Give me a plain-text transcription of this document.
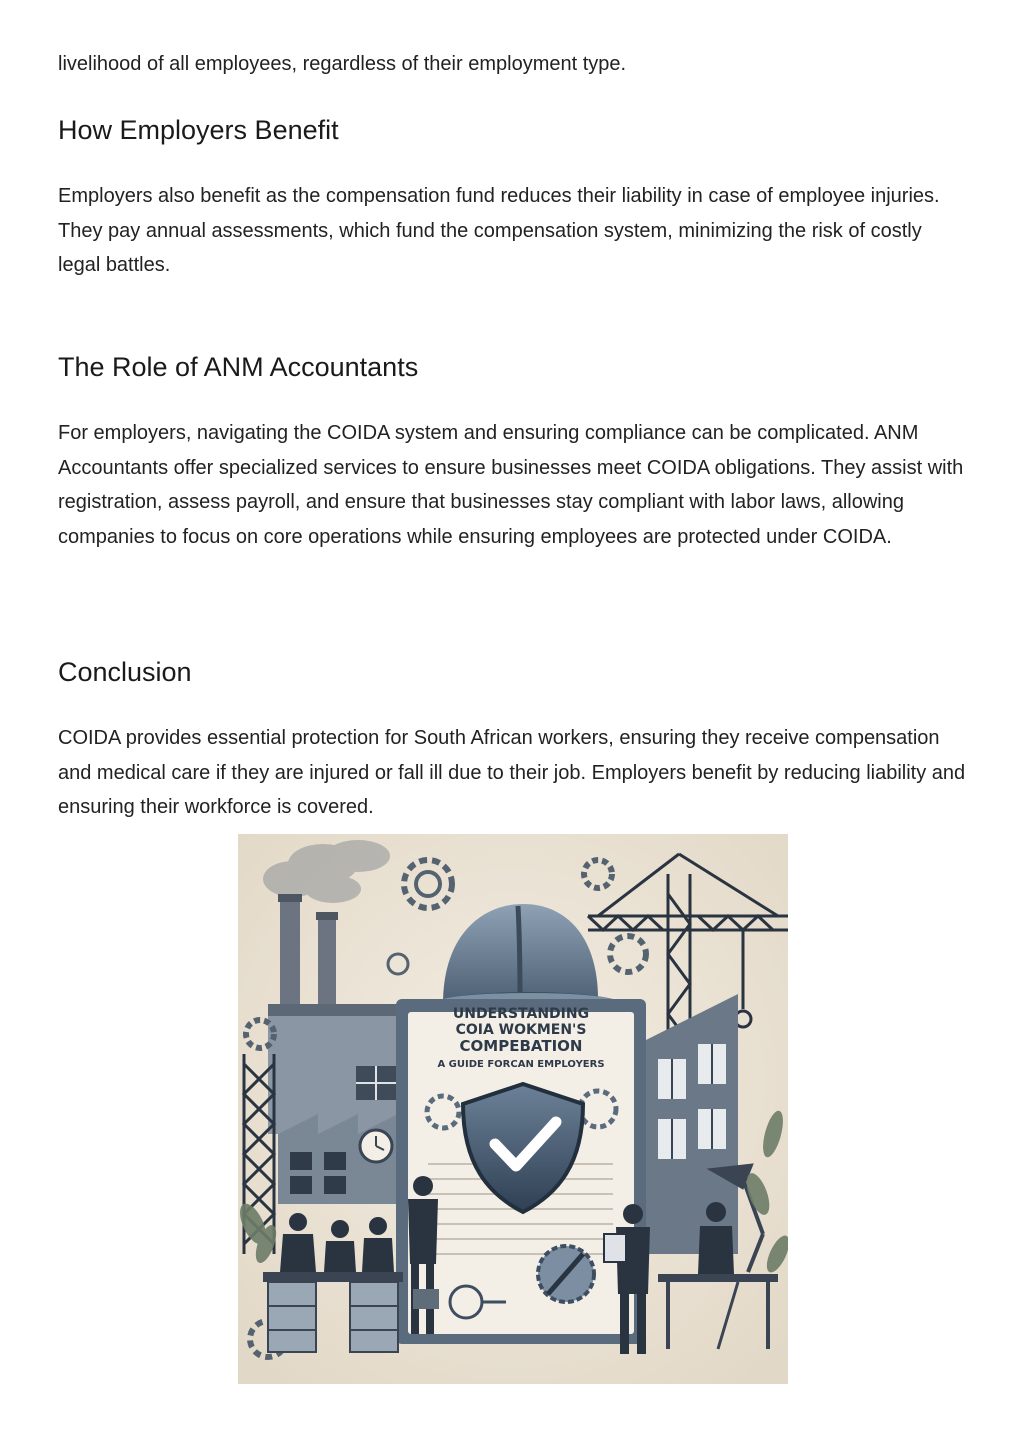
livelihood of all employees, regardless of their employment type.

How Employers Benefit

Employers also benefit as the compensation fund reduces their liability in case of employee injuries. They pay annual assessments, which fund the compensation system, minimizing the risk of costly legal battles.

The Role of ANM Accountants

For employers, navigating the COIDA system and ensuring compliance can be complicated. ANM Accountants offer specialized services to ensure businesses meet COIDA obligations. They assist with registration, assess payroll, and ensure that businesses stay compliant with labor laws, allowing companies to focus on core operations while ensuring employees are protected under COIDA.

Conclusion

COIDA provides essential protection for South African workers, ensuring they receive compensation and medical care if they are injured or fall ill due to their job. Employers benefit by reducing liability and ensuring their workforce is covered.

UNDERSTANDING
COIA WOKMEN'S
COMPEBATION
A GUIDE FORCAN EMPLOYERS
